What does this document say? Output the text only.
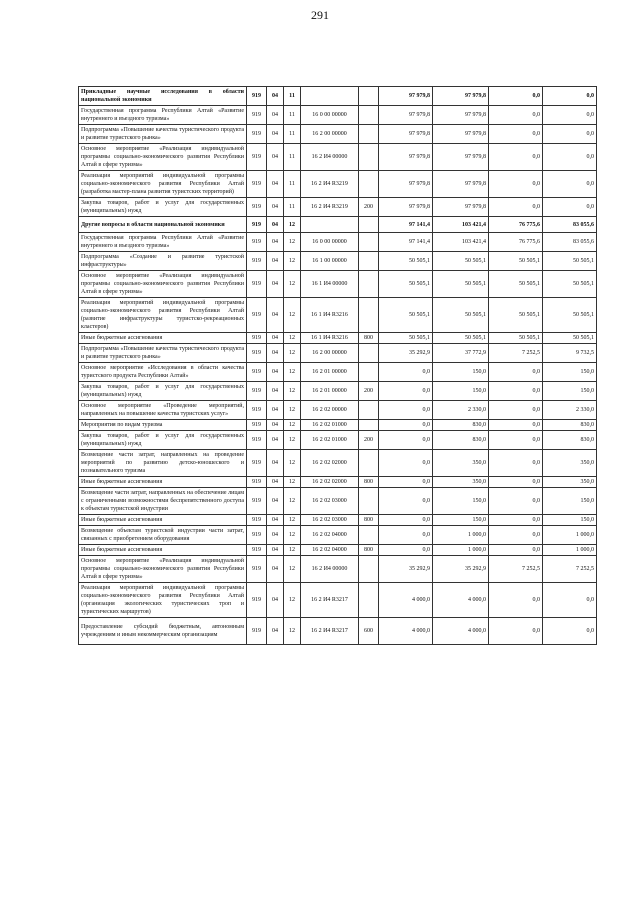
291
Прикладные научные исследования в области национальной экономики	919	04	11			97 979,8	97 979,8	0,0	0,0
Государственная программа Республики Алтай «Развитие внутреннего и въездного туризма»	919	04	11	16 0 00 00000		97 979,8	97 979,8	0,0	0,0
Подпрограмма «Повышение качества туристического продукта и развитие туристского рынка»	919	04	11	16 2 00 00000		97 979,8	97 979,8	0,0	0,0
Основное мероприятие «Реализация индивидуальной программы социально-экономического развития Республики Алтай в сфере туризма»	919	04	11	16 2 И4 00000		97 979,8	97 979,8	0,0	0,0
Реализация мероприятий индивидуальной программы социально-экономического развития Республики Алтай (разработка мастер-плана развития туристских территорий)	919	04	11	16 2 И4 R3219		97 979,8	97 979,8	0,0	0,0
Закупка товаров, работ и услуг для государственных (муниципальных) нужд	919	04	11	16 2 И4 R3219	200	97 979,8	97 979,8	0,0	0,0
Другие вопросы в области национальной экономики	919	04	12			97 141,4	103 421,4	76 775,6	83 055,6
Государственная программа Республики Алтай «Развитие внутреннего и въездного туризма»	919	04	12	16 0 00 00000		97 141,4	103 421,4	76 775,6	83 055,6
Подпрограмма «Создание и развитие туристской инфраструктуры»	919	04	12	16 1 00 00000		50 505,1	50 505,1	50 505,1	50 505,1
Основное мероприятие «Реализация индивидуальной программы социально-экономического развития Республики Алтай в сфере туризма»	919	04	12	16 1 И4 00000		50 505,1	50 505,1	50 505,1	50 505,1
Реализация мероприятий индивидуальной программы социально-экономического развития Республики Алтай (развитие инфраструктуры туристско-рекреационных кластеров)	919	04	12	16 1 И4 R3216		50 505,1	50 505,1	50 505,1	50 505,1
Иные бюджетные ассигнования	919	04	12	16 1 И4 R3216	800	50 505,1	50 505,1	50 505,1	50 505,1
Подпрограмма «Повышение качества туристического продукта и развитие туристского рынка»	919	04	12	16 2 00 00000		35 292,9	37 772,9	7 252,5	9 732,5
Основное мероприятие «Исследования в области качества туристского продукта Республики Алтай»	919	04	12	16 2 01 00000		0,0	150,0	0,0	150,0
Закупка товаров, работ и услуг для государственных (муниципальных) нужд	919	04	12	16 2 01 00000	200	0,0	150,0	0,0	150,0
Основное мероприятие «Проведение мероприятий, направленных на повышение качества туристских услуг»	919	04	12	16 2 02 00000		0,0	2 330,0	0,0	2 330,0
Мероприятия по видам туризма	919	04	12	16 2 02 01000		0,0	830,0	0,0	830,0
Закупка товаров, работ и услуг для государственных (муниципальных) нужд	919	04	12	16 2 02 01000	200	0,0	830,0	0,0	830,0
Возмещение части затрат, направленных на проведение мероприятий по развитию детско-юношеского и познавательного туризма	919	04	12	16 2 02 02000		0,0	350,0	0,0	350,0
Иные бюджетные ассигнования	919	04	12	16 2 02 02000	800	0,0	350,0	0,0	350,0
Возмещение части затрат, направленных на обеспечение лицам с ограниченными возможностями беспрепятственного доступа к объектам туристской индустрии	919	04	12	16 2 02 03000		0,0	150,0	0,0	150,0
Иные бюджетные ассигнования	919	04	12	16 2 02 03000	800	0,0	150,0	0,0	150,0
Возмещение объектам туристской индустрии части затрат, связанных с приобретением оборудования	919	04	12	16 2 02 04000		0,0	1 000,0	0,0	1 000,0
Иные бюджетные ассигнования	919	04	12	16 2 02 04000	800	0,0	1 000,0	0,0	1 000,0
Основное мероприятие «Реализация индивидуальной программы социально-экономического развития Республики Алтай в сфере туризма»	919	04	12	16 2 И4 00000		35 292,9	35 292,9	7 252,5	7 252,5
Реализация мероприятий индивидуальной программы социально-экономического развития Республики Алтай (организация экологических туристических троп и туристических маршрутов)	919	04	12	16 2 И4 R3217		4 000,0	4 000,0	0,0	0,0
Предоставление субсидий бюджетным, автономным учреждениям и иным некоммерческим организациям	919	04	12	16 2 И4 R3217	600	4 000,0	4 000,0	0,0	0,0
